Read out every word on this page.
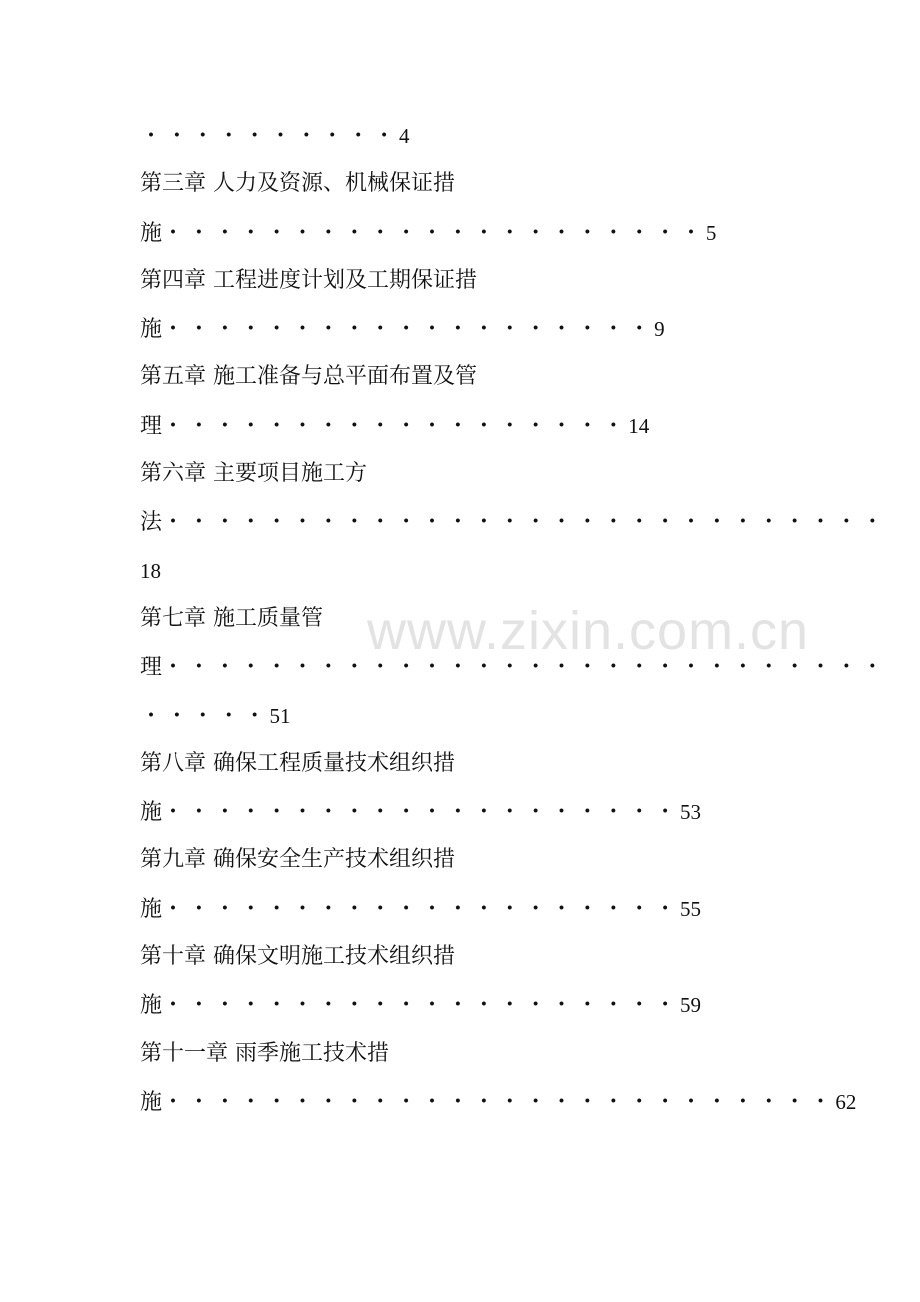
www.zixin.com.cn
・・・・・・・・・・4
第三章 人力及资源、机械保证措
施・・・・・・・・・・・・・・・・・・・・・5
第四章 工程进度计划及工期保证措
施・・・・・・・・・・・・・・・・・・・9
第五章 施工准备与总平面布置及管
理・・・・・・・・・・・・・・・・・・14
第六章 主要项目施工方
法・・・・・・・・・・・・・・・・・・・・・・・・・・・・
18
第七章 施工质量管
理・・・・・・・・・・・・・・・・・・・・・・・・・・・・
・・・・・51
第八章 确保工程质量技术组织措
施・・・・・・・・・・・・・・・・・・・・53
第九章 确保安全生产技术组织措
施・・・・・・・・・・・・・・・・・・・・55
第十章 确保文明施工技术组织措
施・・・・・・・・・・・・・・・・・・・・59
第十一章 雨季施工技术措
施・・・・・・・・・・・・・・・・・・・・・・・・・・62
